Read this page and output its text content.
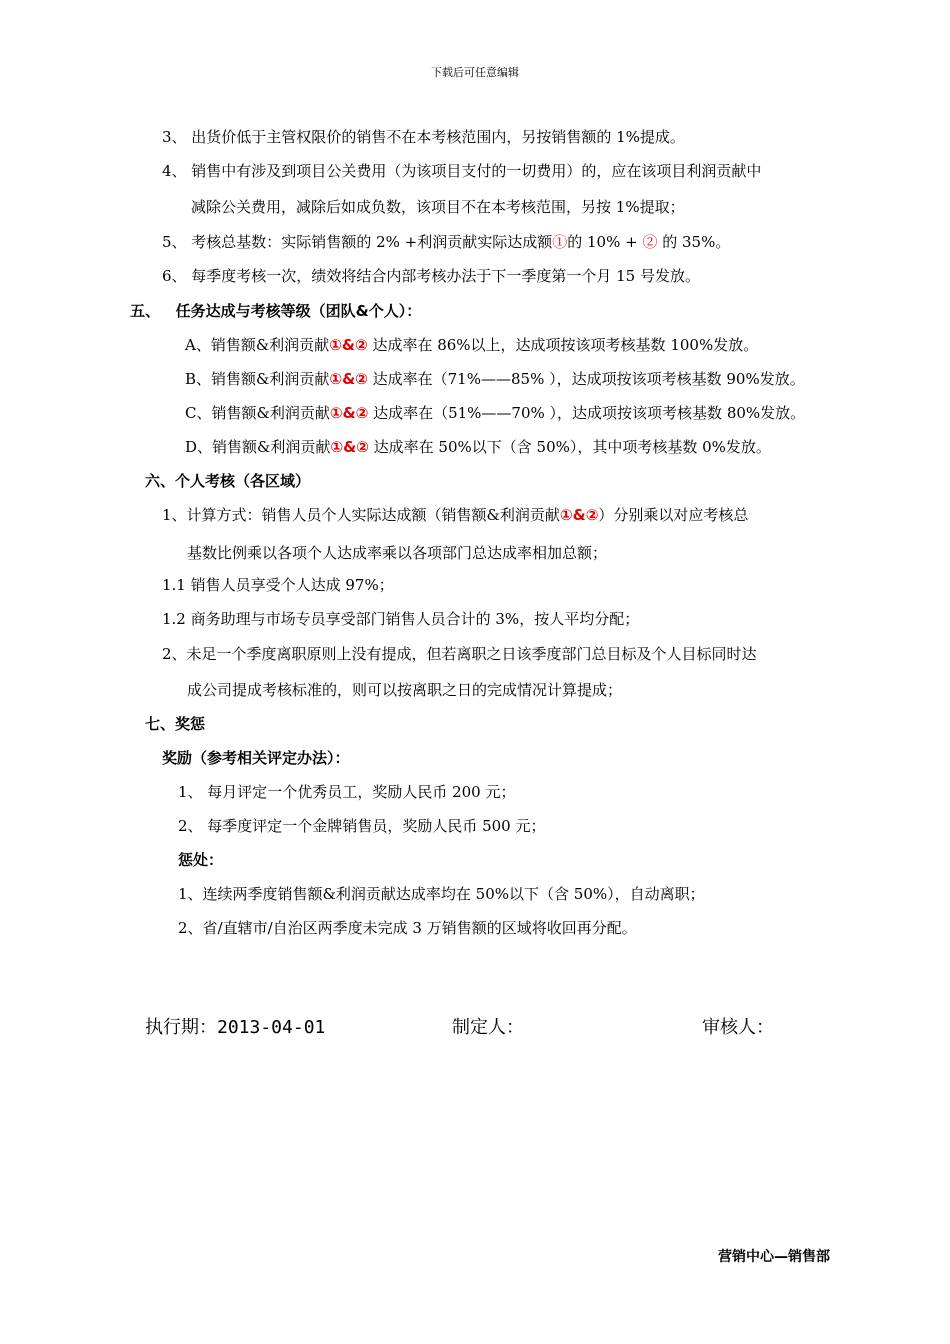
下载后可任意编辑
3、 出货价低于主管权限价的销售不在本考核范围内，另按销售额的 1%提成。
4、 销售中有涉及到项目公关费用（为该项目支付的一切费用）的，应在该项目利润贡献中
减除公关费用，减除后如成负数，该项目不在本考核范围，另按 1%提取；
5、 考核总基数：实际销售额的 2% +利润贡献实际达成额①的 10% + ② 的 35%。
6、 每季度考核一次，绩效将结合内部考核办法于下一季度第一个月 15 号发放。
五、   任务达成与考核等级（团队&个人）：
A、销售额&利润贡献①&② 达成率在 86%以上，达成项按该项考核基数 100%发放。
B、销售额&利润贡献①&② 达成率在（71%——85% ），达成项按该项考核基数 90%发放。
C、销售额&利润贡献①&② 达成率在（51%——70% ），达成项按该项考核基数 80%发放。
D、销售额&利润贡献①&② 达成率在 50%以下（含 50%），其中项考核基数 0%发放。
六、个人考核（各区域）
1、计算方式：销售人员个人实际达成额（销售额&利润贡献①&②）分别乘以对应考核总
基数比例乘以各项个人达成率乘以各项部门总达成率相加总额；
1.1 销售人员享受个人达成 97%；
1.2 商务助理与市场专员享受部门销售人员合计的 3%，按人平均分配；
2、未足一个季度离职原则上没有提成，但若离职之日该季度部门总目标及个人目标同时达
成公司提成考核标准的，则可以按离职之日的完成情况计算提成；
七、奖惩
奖励（参考相关评定办法）：
1、 每月评定一个优秀员工，奖励人民币 200 元；
2、 每季度评定一个金牌销售员，奖励人民币 500 元；
惩处：
1、连续两季度销售额&利润贡献达成率均在 50%以下（含 50%），自动离职；
2、省/直辖市/自治区两季度未完成 3 万销售额的区域将收回再分配。
执行期：2013-04-01	制定人：	审核人：
营销中心—销售部
